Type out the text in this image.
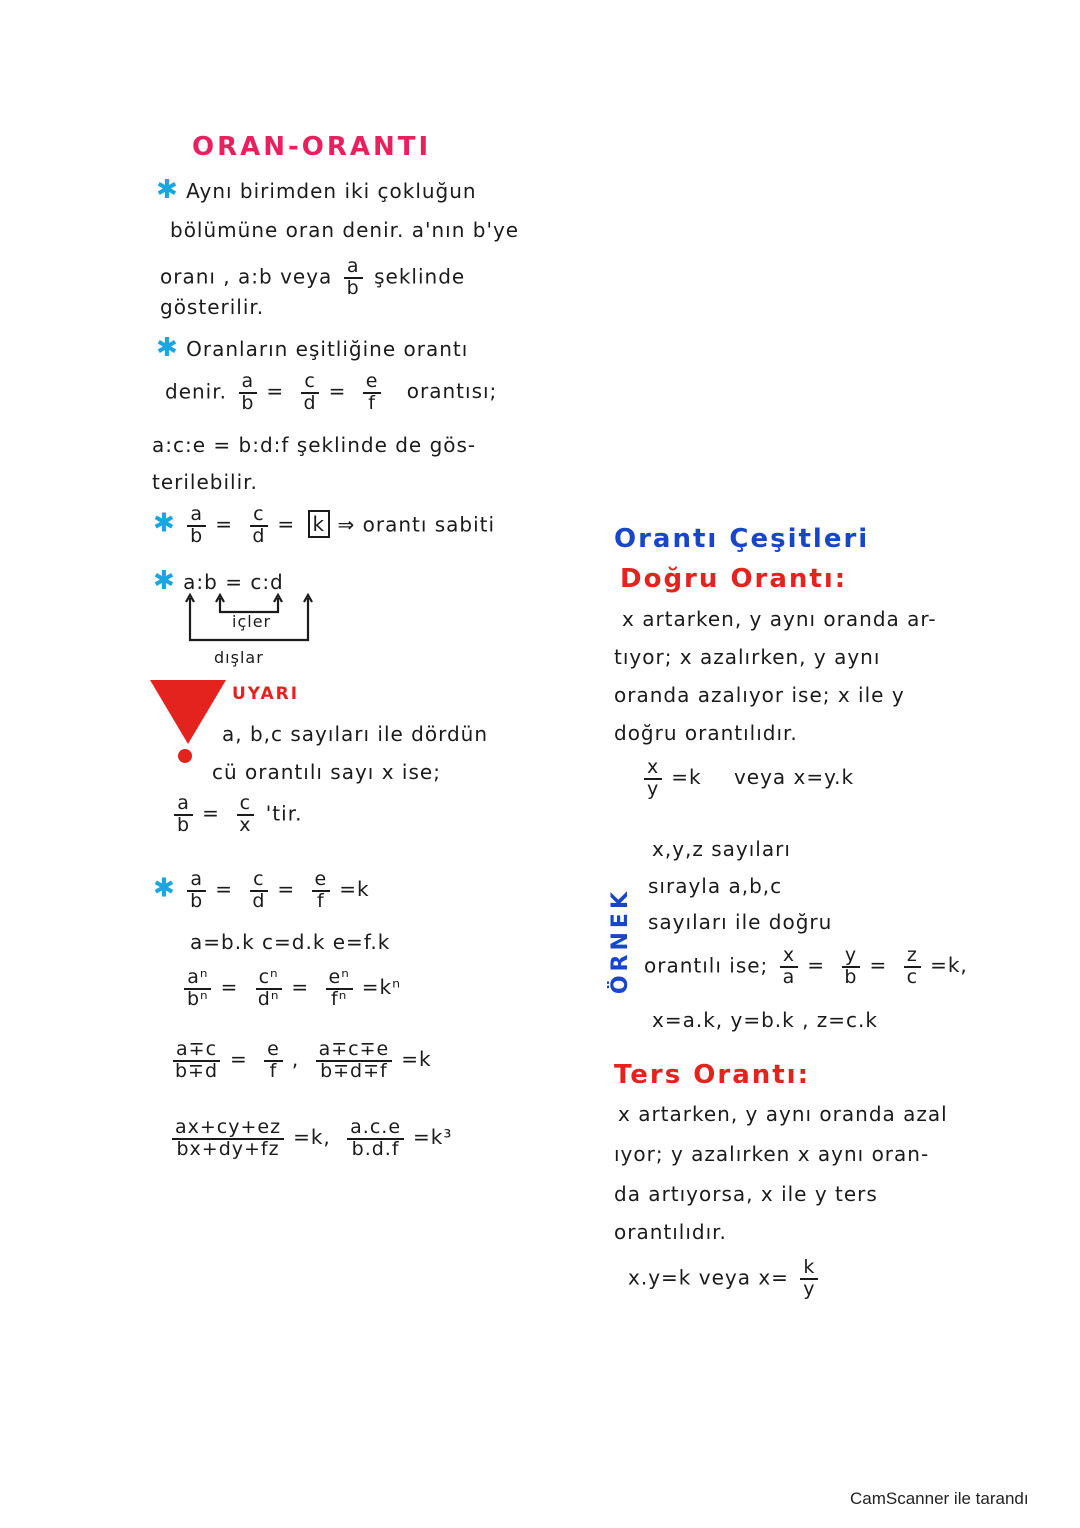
ORAN-ORANTI
✱ Aynı birimden iki çokluğun
bölümüne oran denir. a'nın b'ye
oranı , a:b veya $\frac{a}{b}$ şeklinde
gösterilir.
✱ Oranların eşitliğine orantı
denir. $\frac{a}{b} = \frac{c}{d} = \frac{e}{f}$ orantısı;
a:c:e = b:d:f şeklinde de gös-
terilebilir.
✱ $\frac{a}{b} = \frac{c}{d} = k$ ⇒ orantı sabiti
✱ a:b = c:d
içler
dışlar
UYARI
a, b,c sayıları ile dördün
cü orantılı sayı x ise;
$\frac{a}{b} = \frac{c}{x}$ 'tir.
✱ $\frac{a}{b} = \frac{c}{d} = \frac{e}{f} =k$
a=b.k c=d.k e=f.k
$\frac{\text{aⁿ}}{\text{bⁿ}} = \frac{\text{cⁿ}}{\text{dⁿ}} = \frac{\text{eⁿ}}{\text{fⁿ}} =k^n$
$\frac{a\mp c}{b\mp d} = \frac{e}{f}$ , $\frac{a\mp c\mp e}{b\mp d\mp f} =k$
$\frac{ax+cy+ez}{bx+dy+fz} =k$, $\frac{a.c.e}{b.d.f} =k^3$
Orantı Çeşitleri
Doğru Orantı:
x artarken, y aynı oranda ar-
tıyor; x azalırken, y aynı
oranda azalıyor ise; x ile y
doğru orantılıdır.
$\frac{x}{y} =k$ veya x=y.k
ÖRNEK
x,y,z sayıları
sırayla a,b,c
sayıları ile doğru
orantılı ise; $\frac{x}{a} = \frac{y}{b} = \frac{z}{c} =k$,
x=a.k, y=b.k , z=c.k
Ters Orantı:
x artarken, y aynı oranda azal
ıyor; y azalırken x aynı oran-
da artıyorsa, x ile y ters
orantılıdır.
x.y=k veya $x= \frac{k}{y}$
CamScanner ile tarandı
